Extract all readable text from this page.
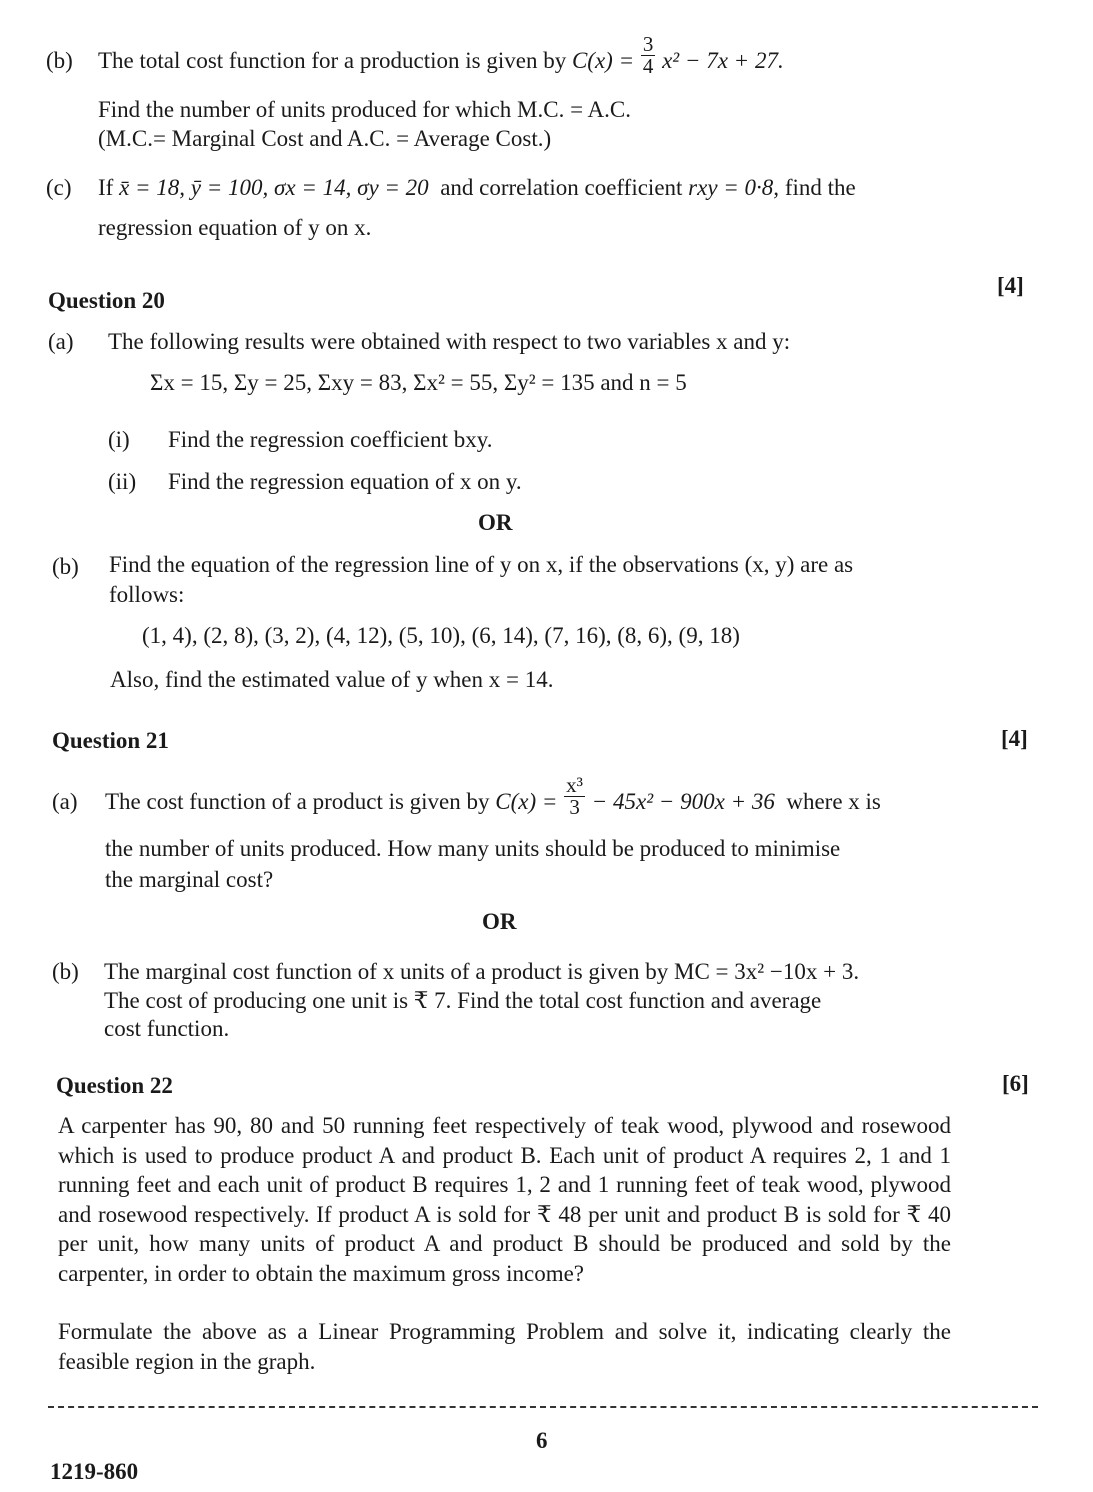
(b) The total cost function for a production is given by $C(x) = \frac{3}{4} x^2 - 7x + 27$.
Find the number of units produced for which M.C. = A.C.
(M.C.= Marginal Cost and A.C. = Average Cost.)
(c) If x̄ = 18, ȳ = 100, σx = 14, σy = 20 and correlation coefficient rxy = 0·8, find the
regression equation of y on x.
Question 20
[4]
(a) The following results were obtained with respect to two variables x and y:
Σx = 15, Σy = 25, Σxy = 83, Σx² = 55, Σy² = 135 and n = 5
(i) Find the regression coefficient bxy.
(ii) Find the regression equation of x on y.
OR
(b) Find the equation of the regression line of y on x, if the observations (x, y) are as
follows:
(1, 4), (2, 8), (3, 2), (4, 12), (5, 10), (6, 14), (7, 16), (8, 6), (9, 18)
Also, find the estimated value of y when x = 14.
Question 21	[4]
(a) The cost function of a product is given by $C(x) = \frac{\text{x³}}{3} - 45x^2 - 900x + 36$ where x is
the number of units produced. How many units should be produced to minimise
the marginal cost?
OR
(b) The marginal cost function of x units of a product is given by MC = 3x² −10x + 3.
The cost of producing one unit is ₹ 7. Find the total cost function and average
cost function.
Question 22	[6]
A carpenter has 90, 80 and 50 running feet respectively of teak wood, plywood and rosewood which is used to produce product A and product B. Each unit of product A requires 2, 1 and 1 running feet and each unit of product B requires 1, 2 and 1 running feet of teak wood, plywood and rosewood respectively. If product A is sold for ₹ 48 per unit and product B is sold for ₹ 40 per unit, how many units of product A and product B should be produced and sold by the carpenter, in order to obtain the maximum gross income?
Formulate the above as a Linear Programming Problem and solve it, indicating clearly the feasible region in the graph.
6
1219-860
